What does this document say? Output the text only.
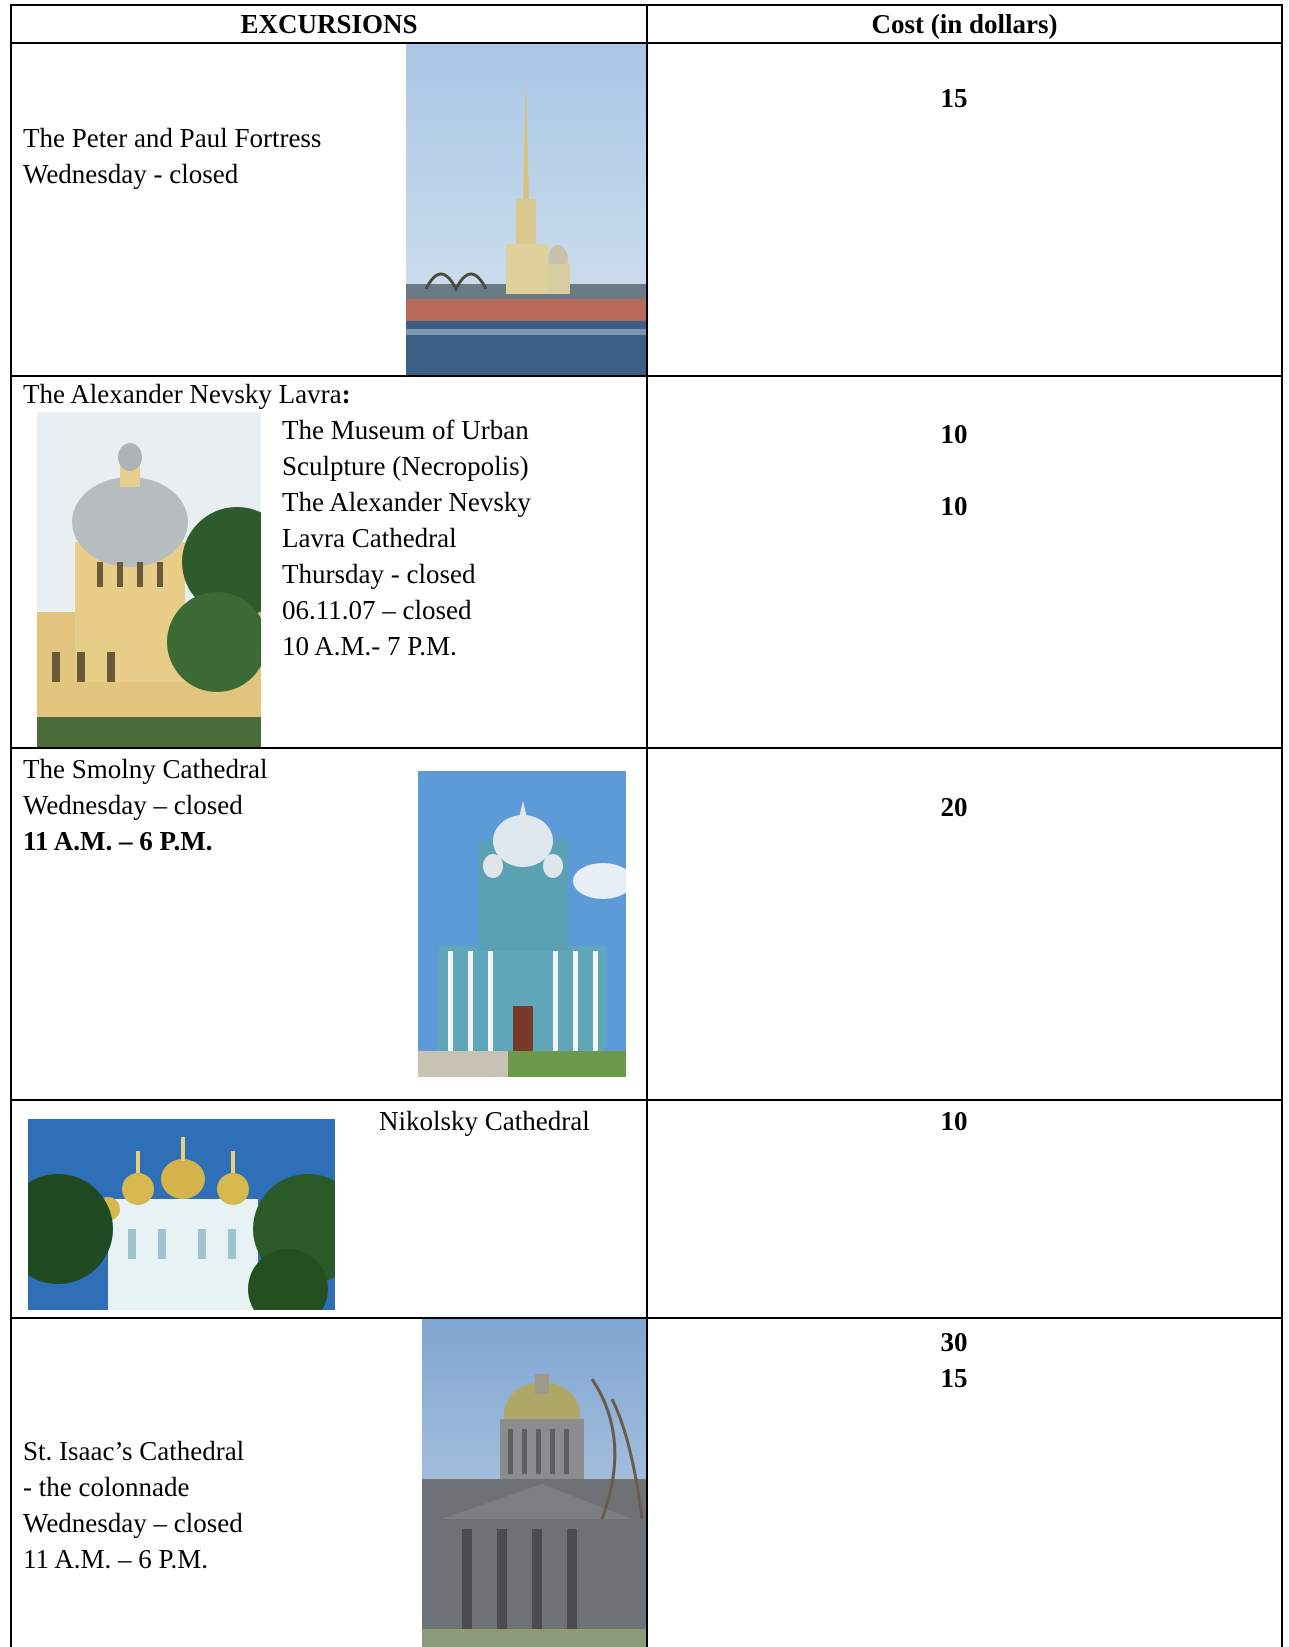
EXCURSIONS	Cost (in dollars)
The Peter and Paul Fortress
Wednesday - closed
15
The Alexander Nevsky Lavra:
The Museum of Urban
Sculpture (Necropolis)
The Alexander Nevsky
Lavra Cathedral
Thursday - closed
06.11.07 – closed
10 A.M.- 7 P.M.
10
10
The Smolny Cathedral
Wednesday – closed
11 A.M. – 6 P.M.
20
Nikolsky Cathedral	10
St. Isaac’s Cathedral
- the colonnade
Wednesday – closed
11 A.M. – 6 P.M.
30
15
